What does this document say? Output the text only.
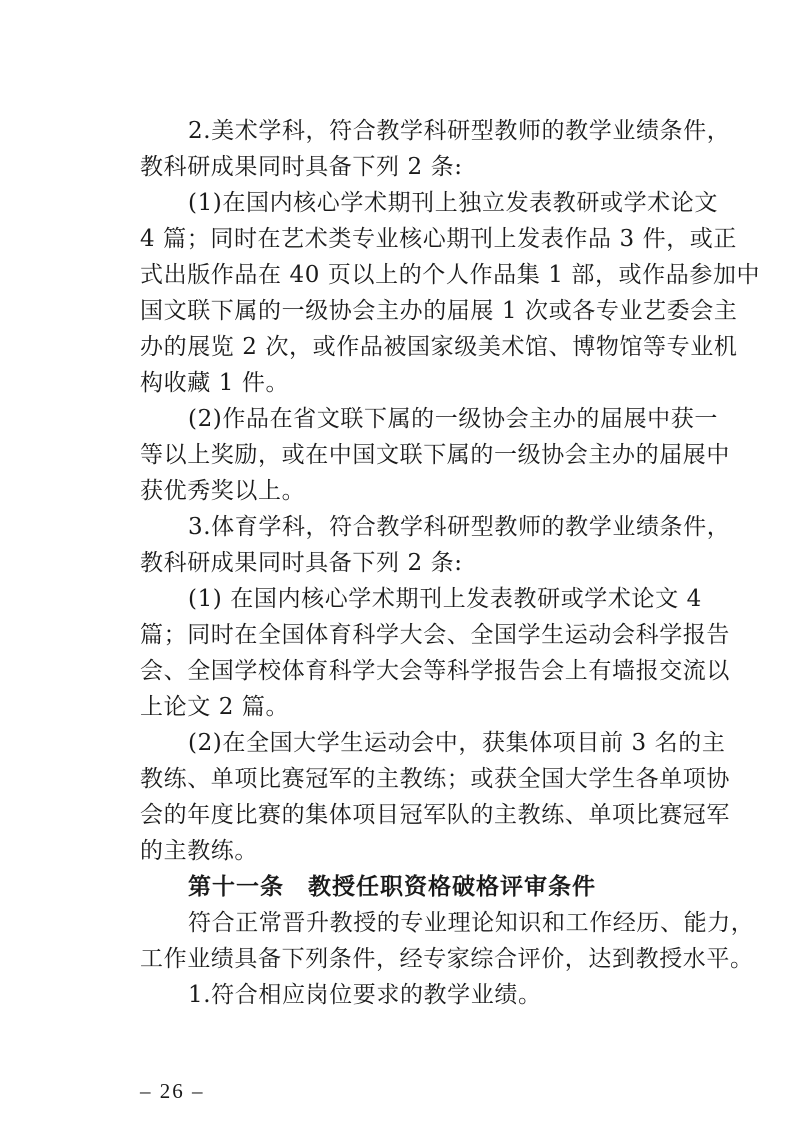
2.美术学科，符合教学科研型教师的教学业绩条件，
教科研成果同时具备下列 2 条:
(1)在国内核心学术期刊上独立发表教研或学术论文
4 篇；同时在艺术类专业核心期刊上发表作品 3 件，或正
式出版作品在 40 页以上的个人作品集 1 部，或作品参加中
国文联下属的一级协会主办的届展 1 次或各专业艺委会主
办的展览 2 次，或作品被国家级美术馆、博物馆等专业机
构收藏 1 件。
(2)作品在省文联下属的一级协会主办的届展中获一
等以上奖励，或在中国文联下属的一级协会主办的届展中
获优秀奖以上。
3.体育学科，符合教学科研型教师的教学业绩条件，
教科研成果同时具备下列 2 条:
(1) 在国内核心学术期刊上发表教研或学术论文 4
篇；同时在全国体育科学大会、全国学生运动会科学报告
会、全国学校体育科学大会等科学报告会上有墙报交流以
上论文 2 篇。
(2)在全国大学生运动会中，获集体项目前 3 名的主
教练、单项比赛冠军的主教练；或获全国大学生各单项协
会的年度比赛的集体项目冠军队的主教练、单项比赛冠军
的主教练。
第十一条　教授任职资格破格评审条件
符合正常晋升教授的专业理论知识和工作经历、能力，
工作业绩具备下列条件，经专家综合评价，达到教授水平。
1.符合相应岗位要求的教学业绩。
– 26 –
